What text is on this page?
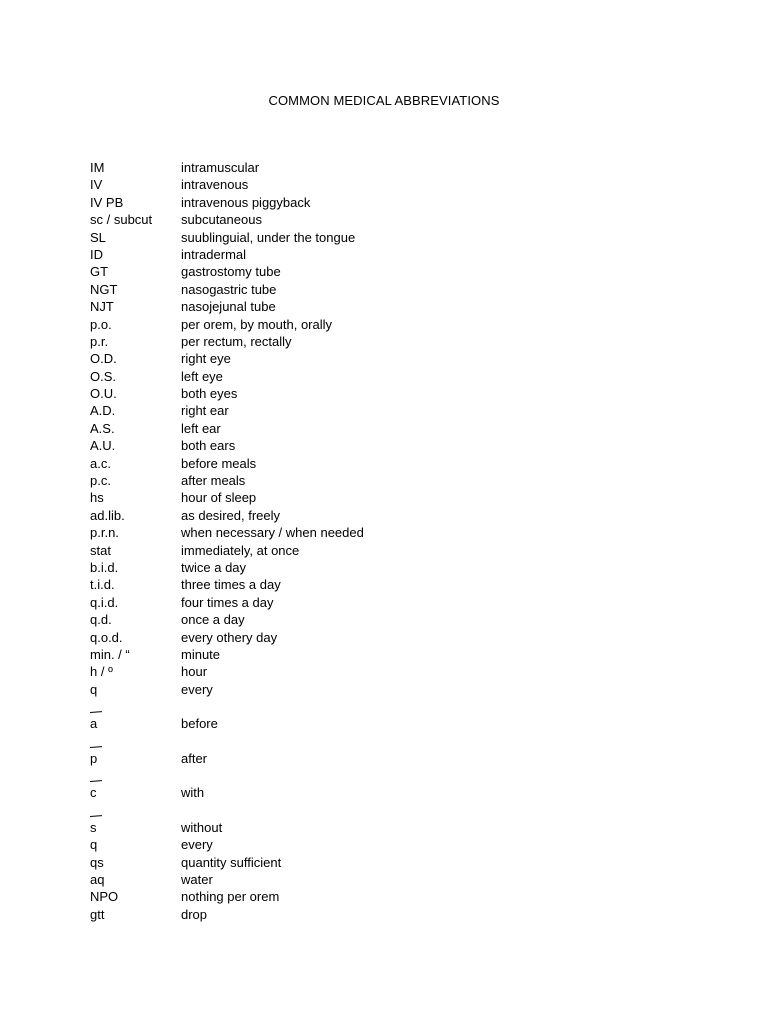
COMMON MEDICAL ABBREVIATIONS
IM	intramuscular
IV	intravenous
IV PB	intravenous piggyback
sc / subcut	subcutaneous
SL	suublinguial, under the tongue
ID	intradermal
GT	gastrostomy tube
NGT	nasogastric tube
NJT	nasojejunal tube
p.o.	per orem, by mouth, orally
p.r.	per rectum, rectally
O.D.	right eye
O.S.	left eye
O.U.	both eyes
A.D.	right ear
A.S.	left ear
A.U.	both ears
a.c.	before meals
p.c.	after meals
hs	hour of sleep
ad.lib.	as desired, freely
p.r.n.	when necessary / when needed
stat	immediately, at once
b.i.d.	twice a day
t.i.d.	three times a day
q.i.d.	four times a day
q.d.	once a day
q.o.d.	every othery day
min. / “	minute
h / º	hour
q	every
a	before
p	after
c	with
s	without
q	every
qs	quantity sufficient
aq	water
NPO	nothing per orem
gtt	drop
